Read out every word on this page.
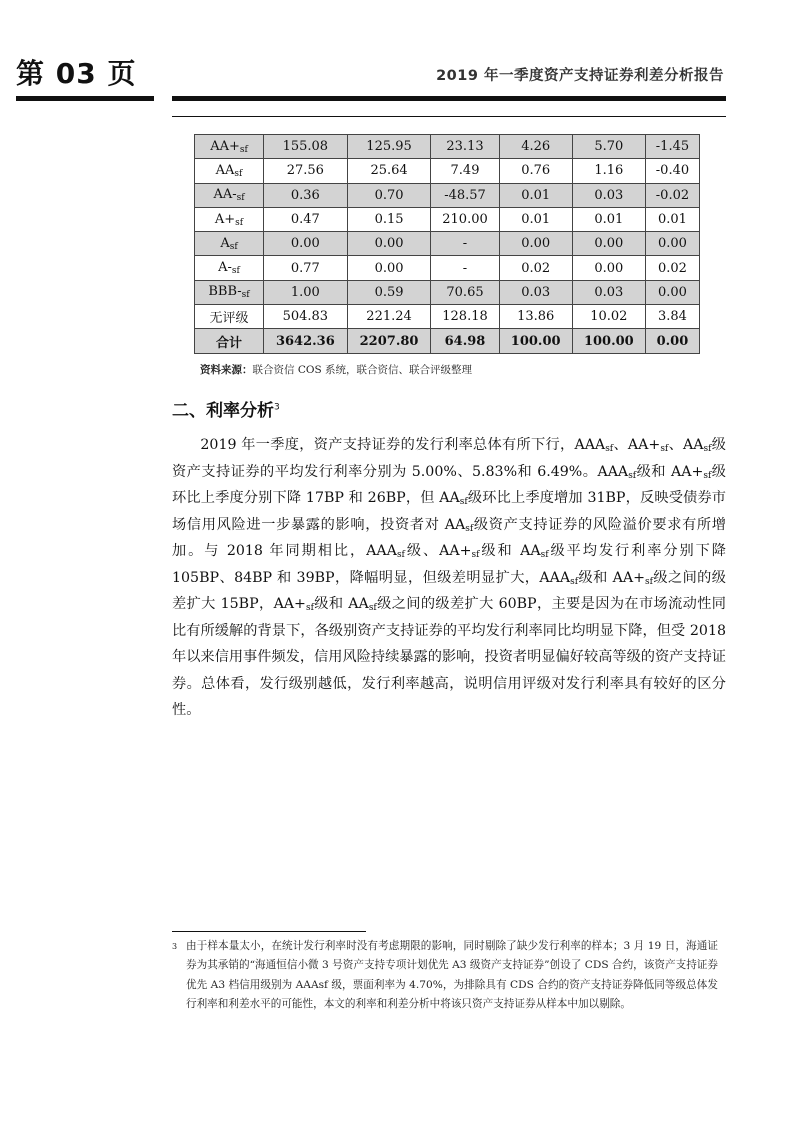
第 03 页	2019 年一季度资产支持证券利差分析报告
$AA+_{sf}$	155.08	125.95	23.13	4.26	5.70	-1.45
$AA_{sf}$	27.56	25.64	7.49	0.76	1.16	-0.40
$AA-_{sf}$	0.36	0.70	-48.57	0.01	0.03	-0.02
$A+_{sf}$	0.47	0.15	210.00	0.01	0.01	0.01
$A_{sf}$	0.00	0.00	-	0.00	0.00	0.00
$A-_{sf}$	0.77	0.00	-	0.02	0.00	0.02
BBB-$_{sf}$	1.00	0.59	70.65	0.03	0.03	0.00
无评级	504.83	221.24	128.18	13.86	10.02	3.84
合计	3642.36	2207.80	64.98	100.00	100.00	0.00
资料来源：联合资信 COS 系统，联合资信、联合评级整理
二、利率分析$^3$
2019 年一季度，资产支持证券的发行利率总体有所下行，$AAA_{sf}$、$AA+_{sf}$、$AA_{sf}$级资产支持证券的平均发行利率分别为 5.00%、5.83%和 6.49%。$AAA_{sf}$级和 $AA+_{sf}$级环比上季度分别下降 17BP 和 26BP，但 $AA_{sf}$级环比上季度增加 31BP，反映受债券市场信用风险进一步暴露的影响，投资者对 $AA_{sf}$级资产支持证券的风险溢价要求有所增加。与 2018 年同期相比，$AAA_{sf}$级、$AA+_{sf}$级和 $AA_{sf}$级平均发行利率分别下降 105BP、84BP 和 39BP，降幅明显，但级差明显扩大，$AAA_{sf}$级和 $AA+_{sf}$级之间的级差扩大 15BP，$AA+_{sf}$级和 $AA_{sf}$级之间的级差扩大 60BP，主要是因为在市场流动性同比有所缓解的背景下，各级别资产支持证券的平均发行利率同比均明显下降，但受 2018 年以来信用事件频发，信用风险持续暴露的影响，投资者明显偏好较高等级的资产支持证券。总体看，发行级别越低，发行利率越高，说明信用评级对发行利率具有较好的区分性。
3 由于样本量太小，在统计发行利率时没有考虑期限的影响，同时剔除了缺少发行利率的样本；3 月 19 日，海通证券为其承销的“海通恒信小微 3 号资产支持专项计划优先 A3 级资产支持证券”创设了 CDS 合约，该资产支持证券优先 A3 档信用级别为 AAAsf 级，票面利率为 4.70%，为排除具有 CDS 合约的资产支持证券降低同等级总体发行利率和利差水平的可能性，本文的利率和利差分析中将该只资产支持证券从样本中加以剔除。
